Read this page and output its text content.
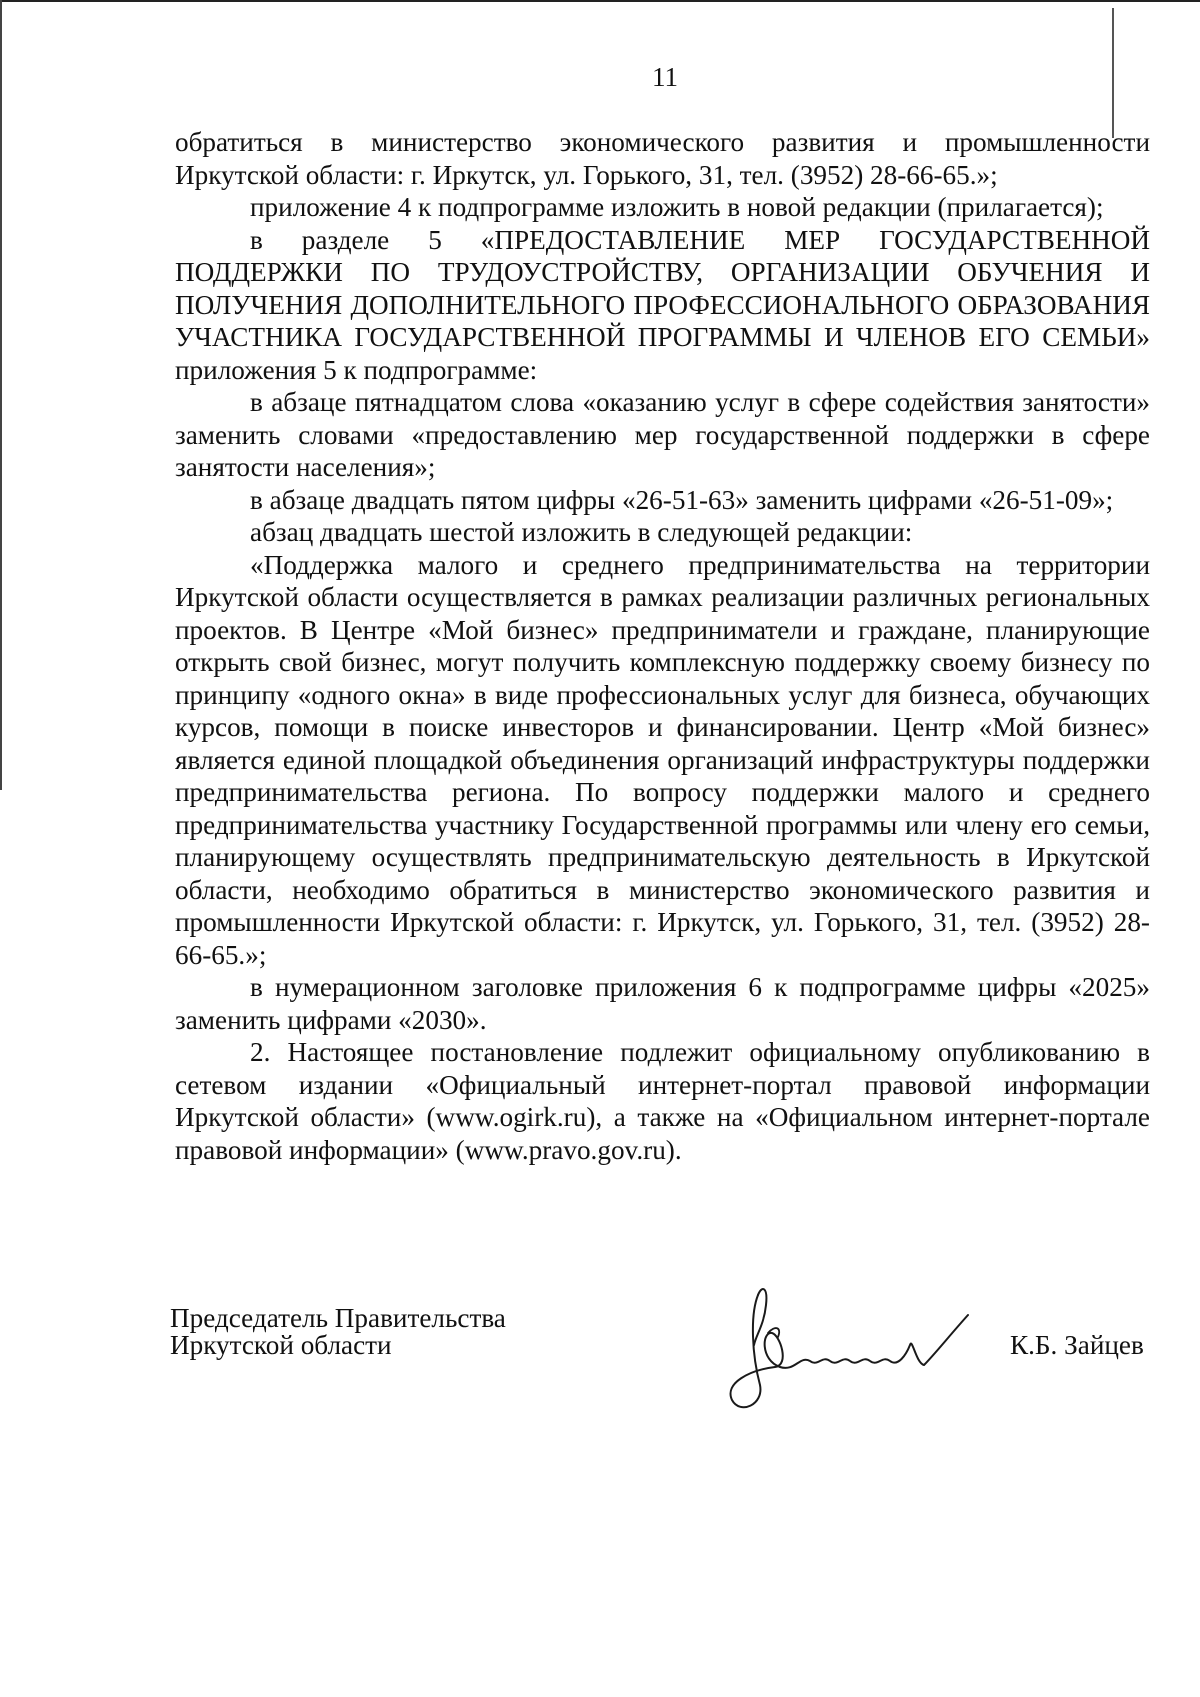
11

обратиться в министерство экономического развития и промышленности Иркутской области: г. Иркутск, ул. Горького, 31, тел. (3952) 28-66-65.»;

приложение 4 к подпрограмме изложить в новой редакции (прилагается);

в разделе 5 «ПРЕДОСТАВЛЕНИЕ МЕР ГОСУДАРСТВЕННОЙ ПОДДЕРЖКИ ПО ТРУДОУСТРОЙСТВУ, ОРГАНИЗАЦИИ ОБУЧЕНИЯ И ПОЛУЧЕНИЯ ДОПОЛНИТЕЛЬНОГО ПРОФЕССИОНАЛЬНОГО ОБРАЗОВАНИЯ УЧАСТНИКА ГОСУДАРСТВЕННОЙ ПРОГРАММЫ И ЧЛЕНОВ ЕГО СЕМЬИ» приложения 5 к подпрограмме:

в абзаце пятнадцатом слова «оказанию услуг в сфере содействия занятости» заменить словами «предоставлению мер государственной поддержки в сфере занятости населения»;

в абзаце двадцать пятом цифры «26-51-63» заменить цифрами «26-51-09»;

абзац двадцать шестой изложить в следующей редакции:

«Поддержка малого и среднего предпринимательства на территории Иркутской области осуществляется в рамках реализации различных региональных проектов. В Центре «Мой бизнес» предприниматели и граждане, планирующие открыть свой бизнес, могут получить комплексную поддержку своему бизнесу по принципу «одного окна» в виде профессиональных услуг для бизнеса, обучающих курсов, помощи в поиске инвесторов и финансировании. Центр «Мой бизнес» является единой площадкой объединения организаций инфраструктуры поддержки предпринимательства региона. По вопросу поддержки малого и среднего предпринимательства участнику Государственной программы или члену его семьи, планирующему осуществлять предпринимательскую деятельность в Иркутской области, необходимо обратиться в министерство экономического развития и промышленности Иркутской области: г. Иркутск, ул. Горького, 31, тел. (3952) 28-66-65.»;

в нумерационном заголовке приложения 6 к подпрограмме цифры «2025» заменить цифрами «2030».

2. Настоящее постановление подлежит официальному опубликованию в сетевом издании «Официальный интернет-портал правовой информации Иркутской области» (www.ogirk.ru), а также на «Официальном интернет-портале правовой информации» (www.pravo.gov.ru).

Председатель Правительства
Иркутской области	К.Б. Зайцев
